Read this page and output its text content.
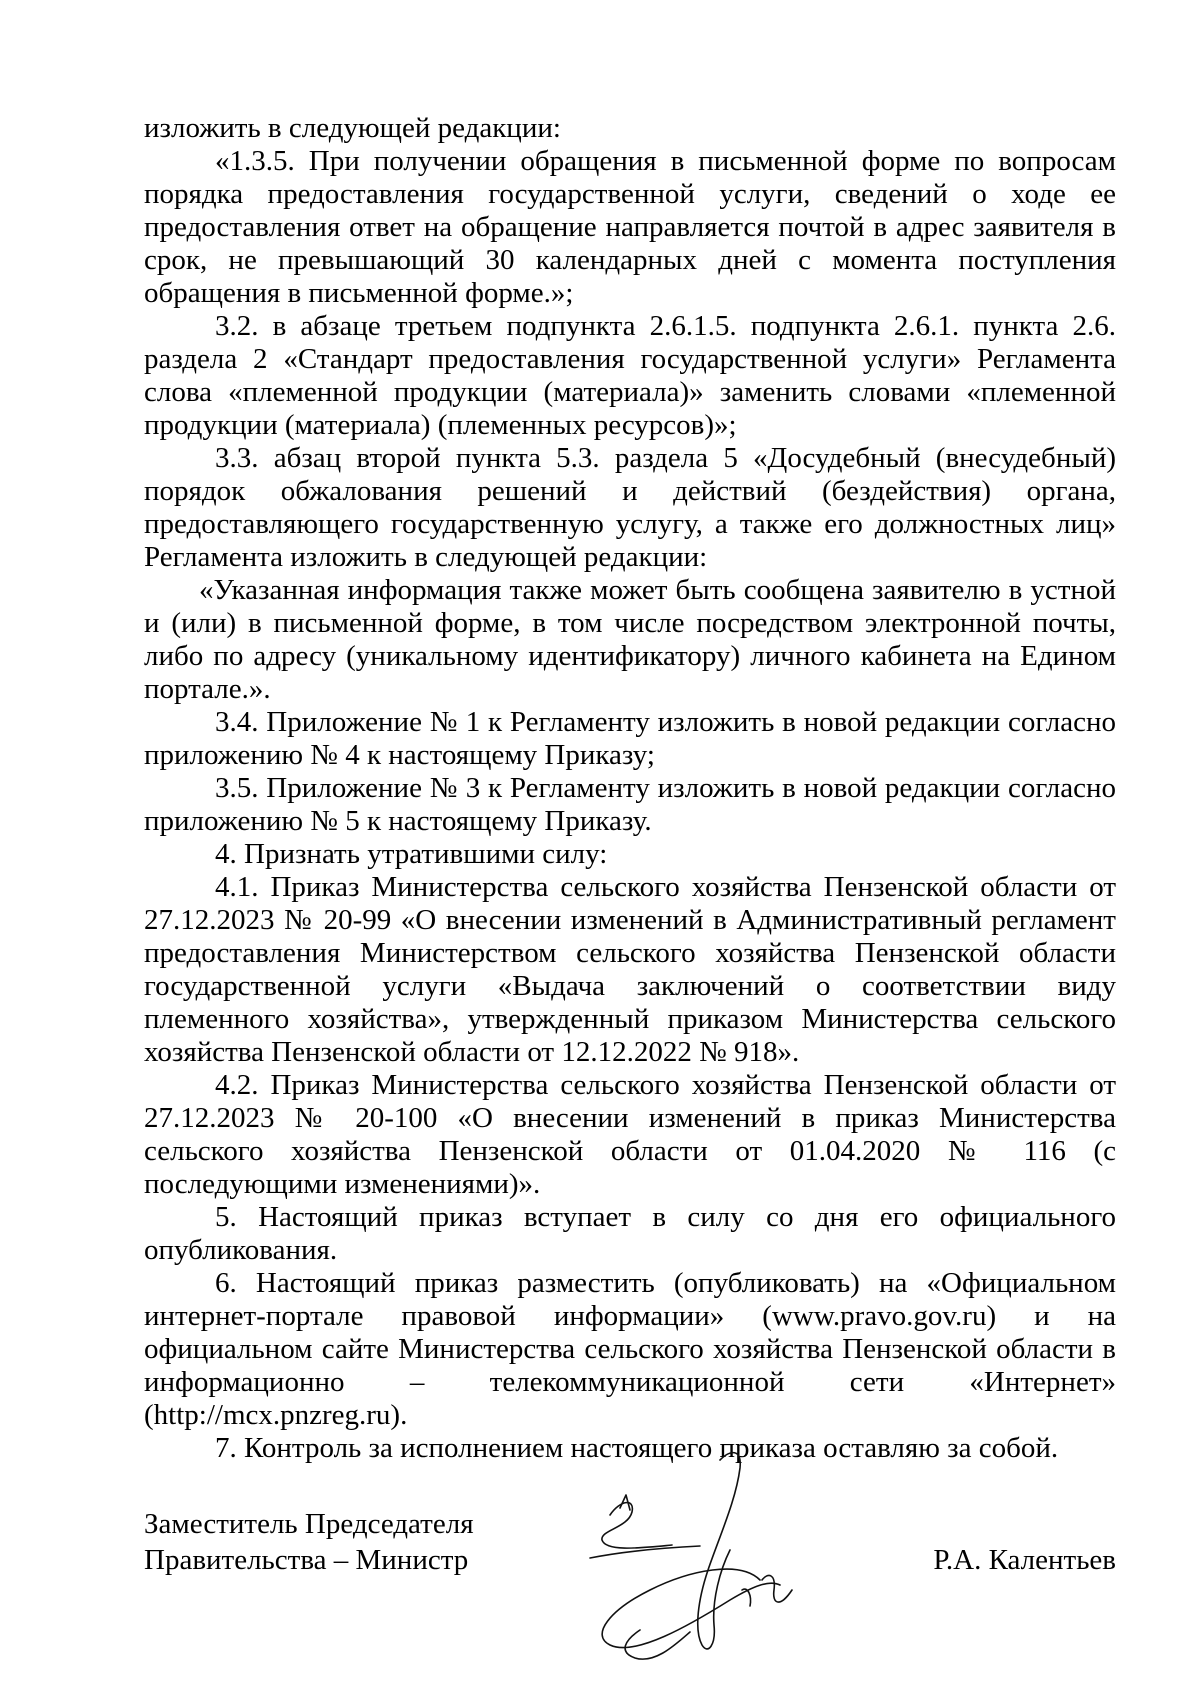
изложить в следующей редакции:

«1.3.5. При получении обращения в письменной форме по вопросам порядка предоставления государственной услуги, сведений о ходе ее предоставления ответ на обращение направляется почтой в адрес заявителя в срок, не превышающий 30 календарных дней с момента поступления обращения в письменной форме.»;

3.2. в абзаце третьем подпункта 2.6.1.5. подпункта 2.6.1. пункта 2.6. раздела 2 «Стандарт предоставления государственной услуги» Регламента слова «племенной продукции (материала)» заменить словами «племенной продукции (материала) (племенных ресурсов)»;

3.3. абзац второй пункта 5.3. раздела 5 «Досудебный (внесудебный) порядок обжалования решений и действий (бездействия) органа, предоставляющего государственную услугу, а также его должностных лиц» Регламента изложить в следующей редакции:

«Указанная информация также может быть сообщена заявителю в устной и (или) в письменной форме, в том числе посредством электронной почты, либо по адресу (уникальному идентификатору) личного кабинета на Едином портале.».

3.4. Приложение № 1 к Регламенту изложить в новой редакции согласно приложению № 4 к настоящему Приказу;

3.5. Приложение № 3 к Регламенту изложить в новой редакции согласно приложению № 5 к настоящему Приказу.

4. Признать утратившими силу:

4.1. Приказ Министерства сельского хозяйства Пензенской области от 27.12.2023 № 20-99 «О внесении изменений в Административный регламент предоставления Министерством сельского хозяйства Пензенской области государственной услуги «Выдача заключений о соответствии виду племенного хозяйства», утвержденный приказом Министерства сельского хозяйства Пензенской области от 12.12.2022 № 918».

4.2. Приказ Министерства сельского хозяйства Пензенской области от 27.12.2023 № 20-100 «О внесении изменений в приказ Министерства сельского хозяйства Пензенской области от 01.04.2020 № 116 (с последующими изменениями)».

5. Настоящий приказ вступает в силу со дня его официального опубликования.

6. Настоящий приказ разместить (опубликовать) на «Официальном интернет-портале правовой информации» (www.pravo.gov.ru) и на официальном сайте Министерства сельского хозяйства Пензенской области в информационно – телекоммуникационной сети «Интернет» (http://mcx.pnzreg.ru).

7. Контроль за исполнением настоящего приказа оставляю за собой.

Заместитель Председателя
Правительства – Министр	Р.А. Калентьев
